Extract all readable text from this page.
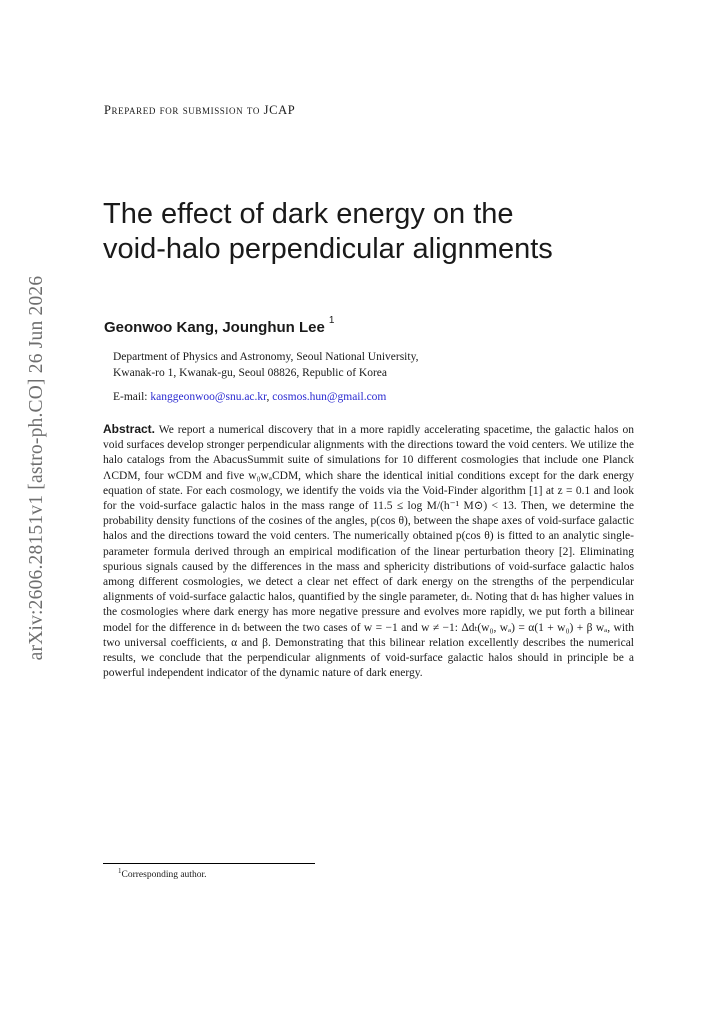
arXiv:2606.28151v1 [astro-ph.CO] 26 Jun 2026
Prepared for submission to JCAP
The effect of dark energy on the
void-halo perpendicular alignments
Geonwoo Kang, Jounghun Lee $^1$
Department of Physics and Astronomy, Seoul National University,
Kwanak-ro 1, Kwanak-gu, Seoul 08826, Republic of Korea
E-mail: kanggeonwoo@snu.ac.kr, cosmos.hun@gmail.com
Abstract. We report a numerical discovery that in a more rapidly accelerating spacetime, the galactic halos on void surfaces develop stronger perpendicular alignments with the directions toward the void centers. We utilize the halo catalogs from the AbacusSummit suite of simulations for 10 different cosmologies that include one Planck ΛCDM, four wCDM and five w₀wₐCDM, which share the identical initial conditions except for the dark energy equation of state. For each cosmology, we identify the voids via the Void-Finder algorithm [1] at z = 0.1 and look for the void-surface galactic halos in the mass range of 11.5 ≤ log M/(h⁻¹ M⊙) < 13. Then, we determine the probability density functions of the cosines of the angles, p(cos θ), between the shape axes of void-surface galactic halos and the directions toward the void centers. The numerically obtained p(cos θ) is fitted to an analytic single-parameter formula derived through an empirical modification of the linear perturbation theory [2]. Eliminating spurious signals caused by the differences in the mass and sphericity distributions of void-surface galactic halos among different cosmologies, we detect a clear net effect of dark energy on the strengths of the perpendicular alignments of void-surface galactic halos, quantified by the single parameter, dₜ. Noting that dₜ has higher values in the cosmologies where dark energy has more negative pressure and evolves more rapidly, we put forth a bilinear model for the difference in dₜ between the two cases of w = −1 and w ≠ −1: Δdₜ(w₀, wₐ) = α(1 + w₀) + β wₐ, with two universal coefficients, α and β. Demonstrating that this bilinear relation excellently describes the numerical results, we conclude that the perpendicular alignments of void-surface galactic halos should in principle be a powerful independent indicator of the dynamic nature of dark energy.
$^1$Corresponding author.
